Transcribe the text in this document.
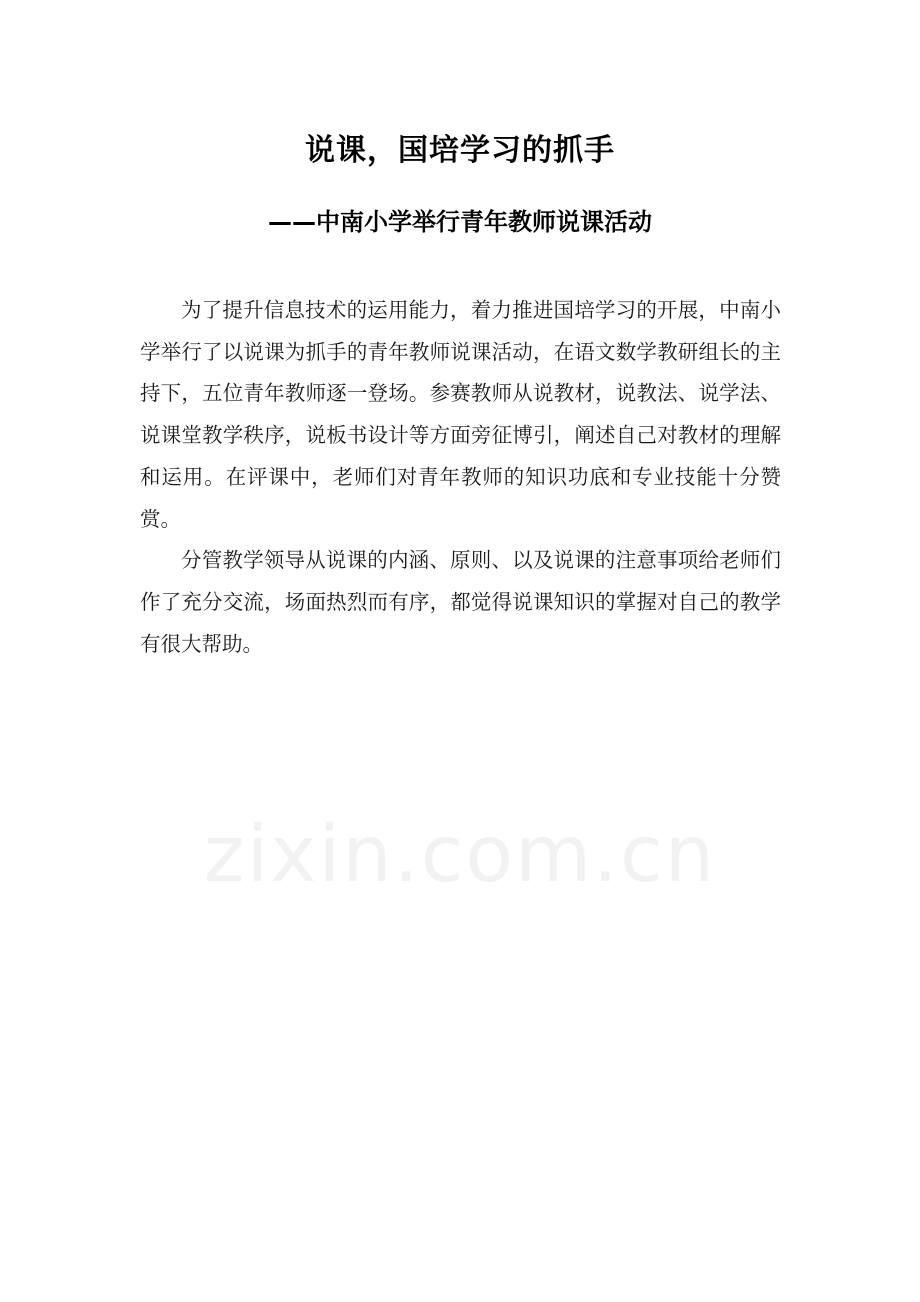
zixin.com.cn
说课，国培学习的抓手
——中南小学举行青年教师说课活动

为了提升信息技术的运用能力，着力推进国培学习的开展，中南小学举行了以说课为抓手的青年教师说课活动，在语文数学教研组长的主持下，五位青年教师逐一登场。参赛教师从说教材，说教法、说学法、说课堂教学秩序，说板书设计等方面旁征博引，阐述自己对教材的理解和运用。在评课中，老师们对青年教师的知识功底和专业技能十分赞赏。

分管教学领导从说课的内涵、原则、以及说课的注意事项给老师们作了充分交流，场面热烈而有序，都觉得说课知识的掌握对自己的教学有很大帮助。
